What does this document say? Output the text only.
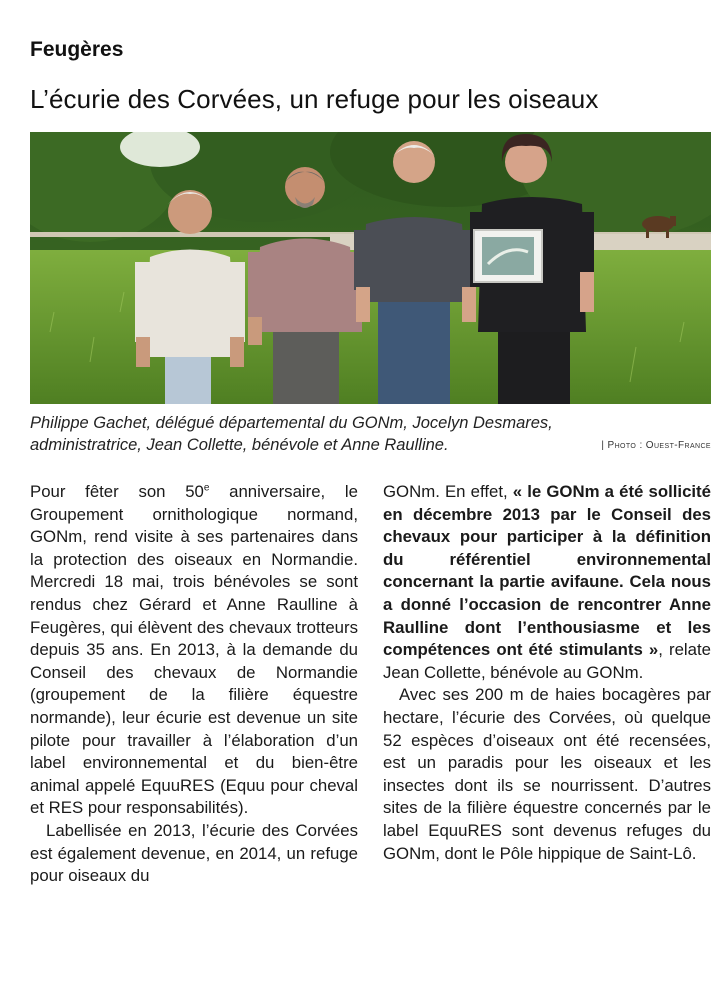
Feugères
L’écurie des Corvées, un refuge pour les oiseaux
Philippe Gachet, délégué départemental du GONm, Jocelyn Desmares,
administratrice, Jean Collette, bénévole et Anne Raulline.	| Photo : Ouest-France

Pour fêter son 50e anniversaire, le Groupement ornithologique normand, GONm, rend visite à ses partenaires dans la protection des oiseaux en Normandie. Mercredi 18 mai, trois bénévoles se sont rendus chez Gérard et Anne Raulline à Feugères, qui élèvent des chevaux trotteurs depuis 35 ans. En 2013, à la demande du Conseil des chevaux de Normandie (groupement de la filière équestre normande), leur écurie est devenue un site pilote pour travailler à l’élaboration d’un label environnemental et du bien-être animal appelé EquuRES (Equu pour cheval et RES pour responsabilités).

Labellisée en 2013, l’écurie des Corvées est également devenue, en 2014, un refuge pour oiseaux du

GONm. En effet, « le GONm a été sollicité en décembre 2013 par le Conseil des chevaux pour participer à la définition du référentiel environnemental concernant la partie avifaune. Cela nous a donné l’occasion de rencontrer Anne Raulline dont l’enthousiasme et les compétences ont été stimulants », relate Jean Collette, bénévole au GONm.

Avec ses 200 m de haies bocagères par hectare, l’écurie des Corvées, où quelque 52 espèces d’oiseaux ont été recensées, est un paradis pour les oiseaux et les insectes dont ils se nourrissent. D’autres sites de la filière équestre concernés par le label EquuRES sont devenus refuges du GONm, dont le Pôle hippique de Saint-Lô.
